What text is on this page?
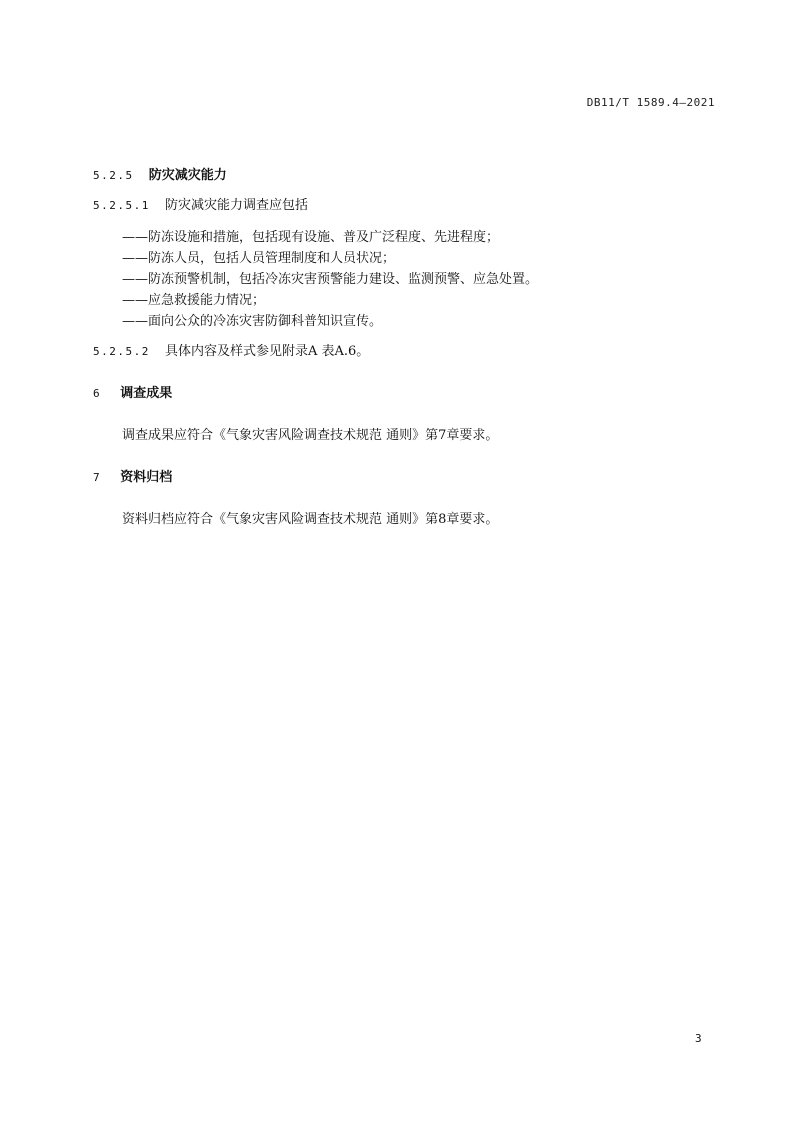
DB11/T 1589.4—2021
5.2.5 防灾减灾能力
5.2.5.1 防灾减灾能力调查应包括
——防冻设施和措施，包括现有设施、普及广泛程度、先进程度；
——防冻人员，包括人员管理制度和人员状况；
——防冻预警机制，包括冷冻灾害预警能力建设、监测预警、应急处置。
——应急救援能力情况；
——面向公众的冷冻灾害防御科普知识宣传。
5.2.5.2 具体内容及样式参见附录A 表A.6。
6 调查成果
调查成果应符合《气象灾害风险调查技术规范 通则》第7章要求。
7 资料归档
资料归档应符合《气象灾害风险调查技术规范 通则》第8章要求。
3
